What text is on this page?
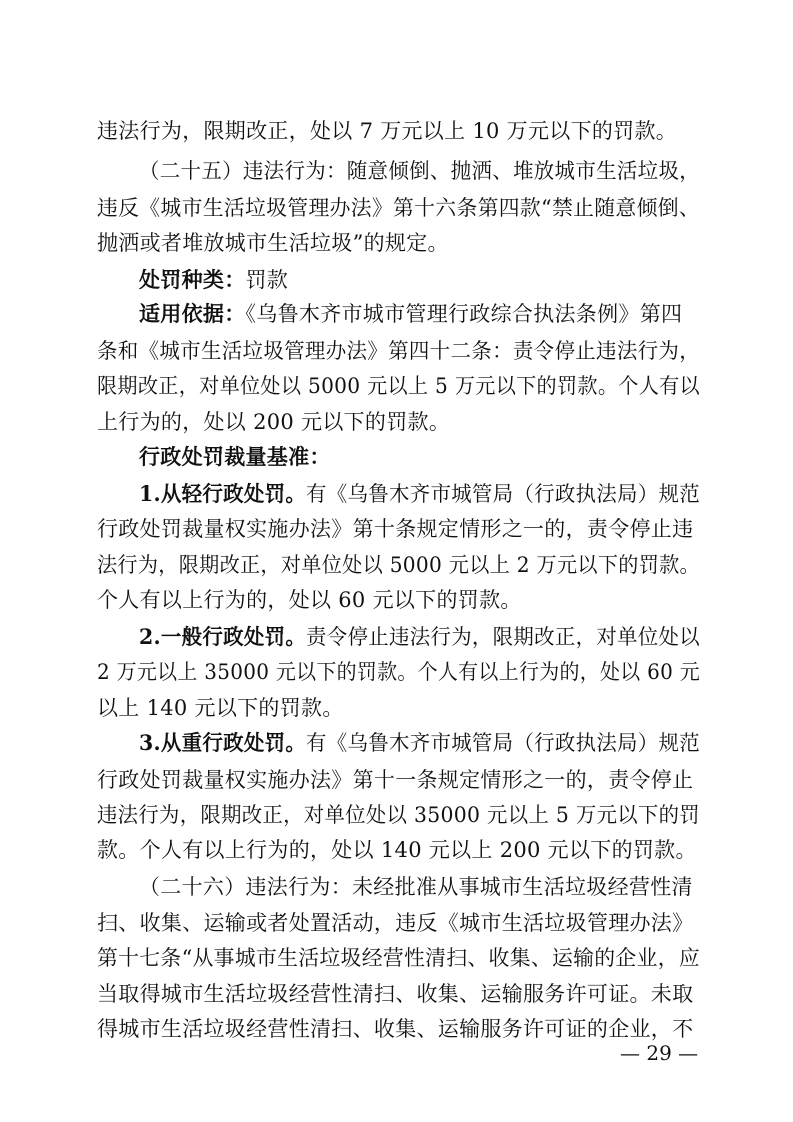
违法行为，限期改正，处以 7 万元以上 10 万元以下的罚款。
（二十五）违法行为：随意倾倒、抛洒、堆放城市生活垃圾，
违反《城市生活垃圾管理办法》第十六条第四款“禁止随意倾倒、
抛洒或者堆放城市生活垃圾”的规定。
处罚种类：罚款
适用依据：《乌鲁木齐市城市管理行政综合执法条例》第四
条和《城市生活垃圾管理办法》第四十二条：责令停止违法行为，
限期改正，对单位处以 5000 元以上 5 万元以下的罚款。个人有以
上行为的，处以 200 元以下的罚款。
行政处罚裁量基准：
1.从轻行政处罚。有《乌鲁木齐市城管局（行政执法局）规范
行政处罚裁量权实施办法》第十条规定情形之一的，责令停止违
法行为，限期改正，对单位处以 5000 元以上 2 万元以下的罚款。
个人有以上行为的，处以 60 元以下的罚款。
2.一般行政处罚。责令停止违法行为，限期改正，对单位处以
2 万元以上 35000 元以下的罚款。个人有以上行为的，处以 60 元
以上 140 元以下的罚款。
3.从重行政处罚。有《乌鲁木齐市城管局（行政执法局）规范
行政处罚裁量权实施办法》第十一条规定情形之一的，责令停止
违法行为，限期改正，对单位处以 35000 元以上 5 万元以下的罚
款。个人有以上行为的，处以 140 元以上 200 元以下的罚款。
（二十六）违法行为：未经批准从事城市生活垃圾经营性清
扫、收集、运输或者处置活动，违反《城市生活垃圾管理办法》
第十七条“从事城市生活垃圾经营性清扫、收集、运输的企业，应
当取得城市生活垃圾经营性清扫、收集、运输服务许可证。未取
得城市生活垃圾经营性清扫、收集、运输服务许可证的企业，不
— 29 —
